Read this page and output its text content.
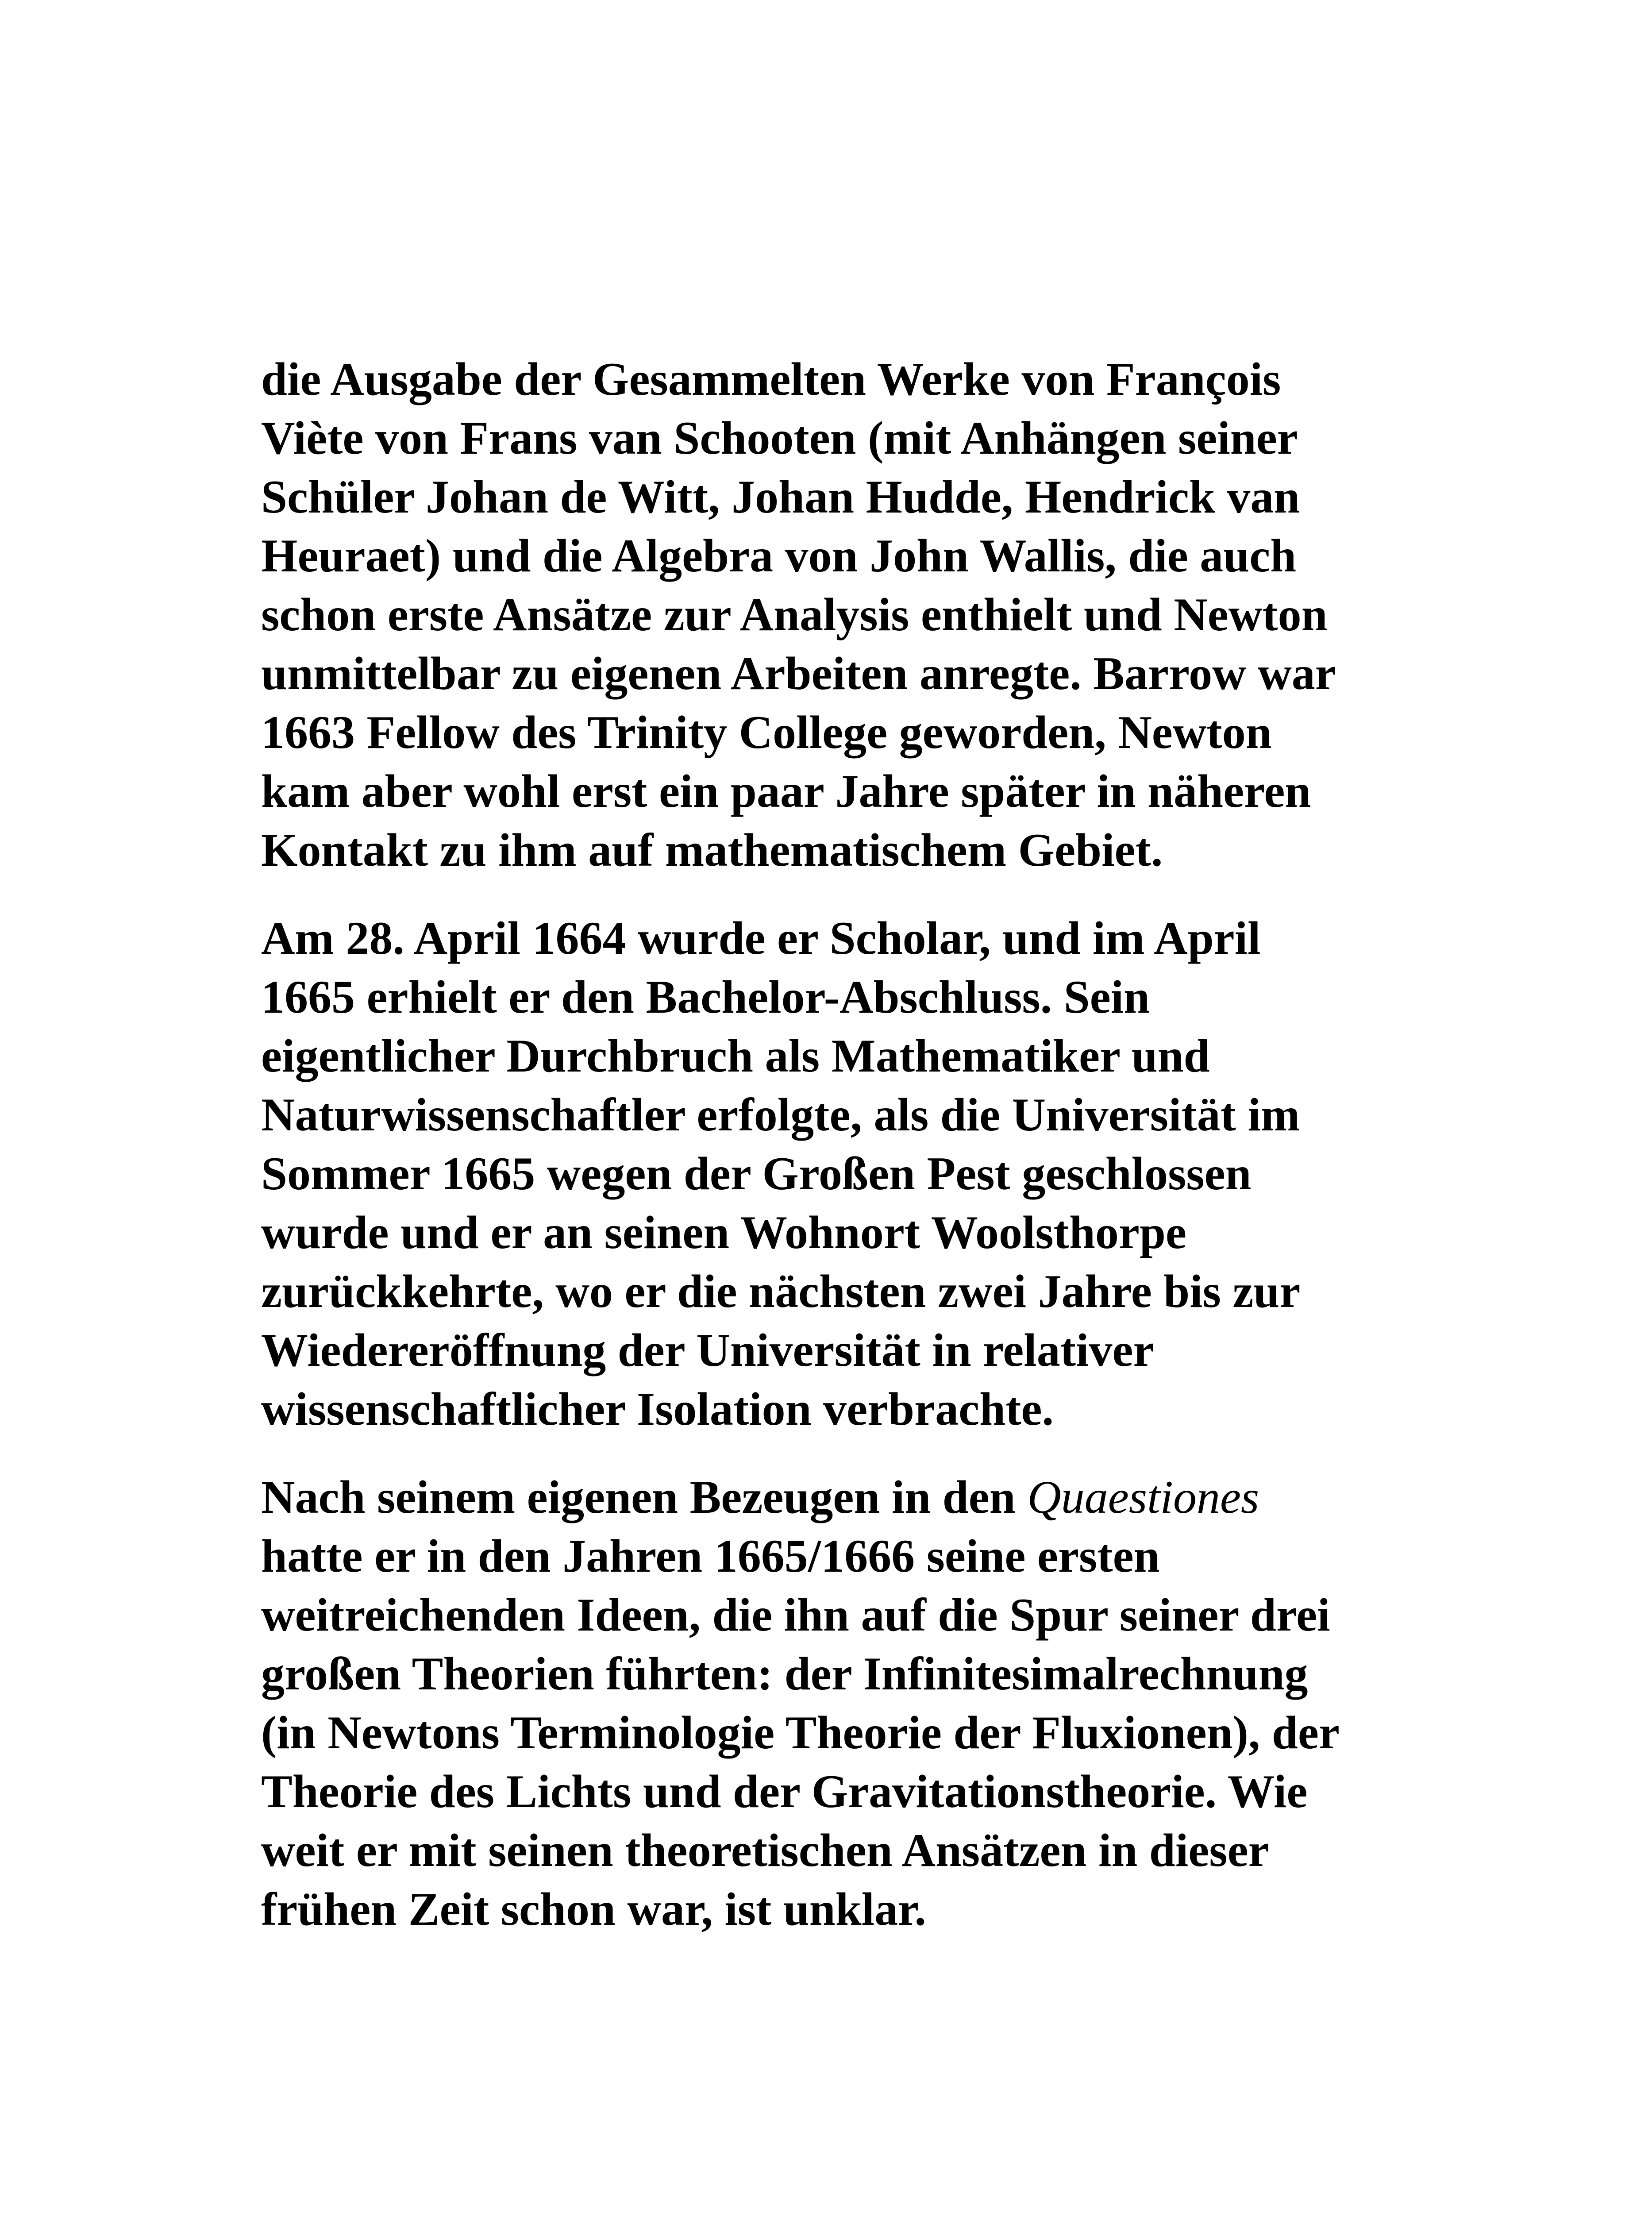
die Ausgabe der Gesammelten Werke von François
Viète von Frans van Schooten (mit Anhängen seiner
Schüler Johan de Witt, Johan Hudde, Hendrick van
Heuraet) und die Algebra von John Wallis, die auch
schon erste Ansätze zur Analysis enthielt und Newton
unmittelbar zu eigenen Arbeiten anregte. Barrow war
1663 Fellow des Trinity College geworden, Newton
kam aber wohl erst ein paar Jahre später in näheren
Kontakt zu ihm auf mathematischem Gebiet.

Am 28. April 1664 wurde er Scholar, und im April
1665 erhielt er den Bachelor-Abschluss. Sein
eigentlicher Durchbruch als Mathematiker und
Naturwissenschaftler erfolgte, als die Universität im
Sommer 1665 wegen der Großen Pest geschlossen
wurde und er an seinen Wohnort Woolsthorpe
zurückkehrte, wo er die nächsten zwei Jahre bis zur
Wiedereröffnung der Universität in relativer
wissenschaftlicher Isolation verbrachte.

Nach seinem eigenen Bezeugen in den Quaestiones
hatte er in den Jahren 1665/1666 seine ersten
weitreichenden Ideen, die ihn auf die Spur seiner drei
großen Theorien führten: der Infinitesimalrechnung
(in Newtons Terminologie Theorie der Fluxionen), der
Theorie des Lichts und der Gravitationstheorie. Wie
weit er mit seinen theoretischen Ansätzen in dieser
frühen Zeit schon war, ist unklar.
